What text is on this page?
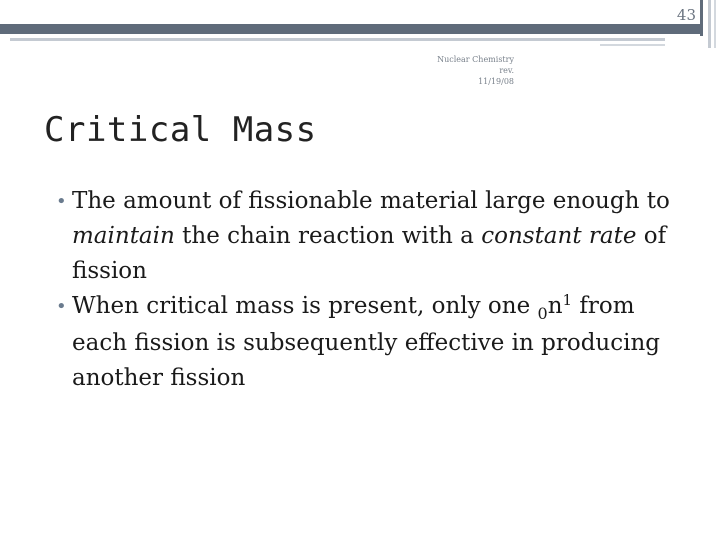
43
Nuclear Chemistry rev.
11/19/08
Critical Mass
• The amount of fissionable material large enough to maintain the chain reaction with a constant rate of fission
• When critical mass is present, only one $_0n^1$ from each fission is subsequently effective in producing another fission
